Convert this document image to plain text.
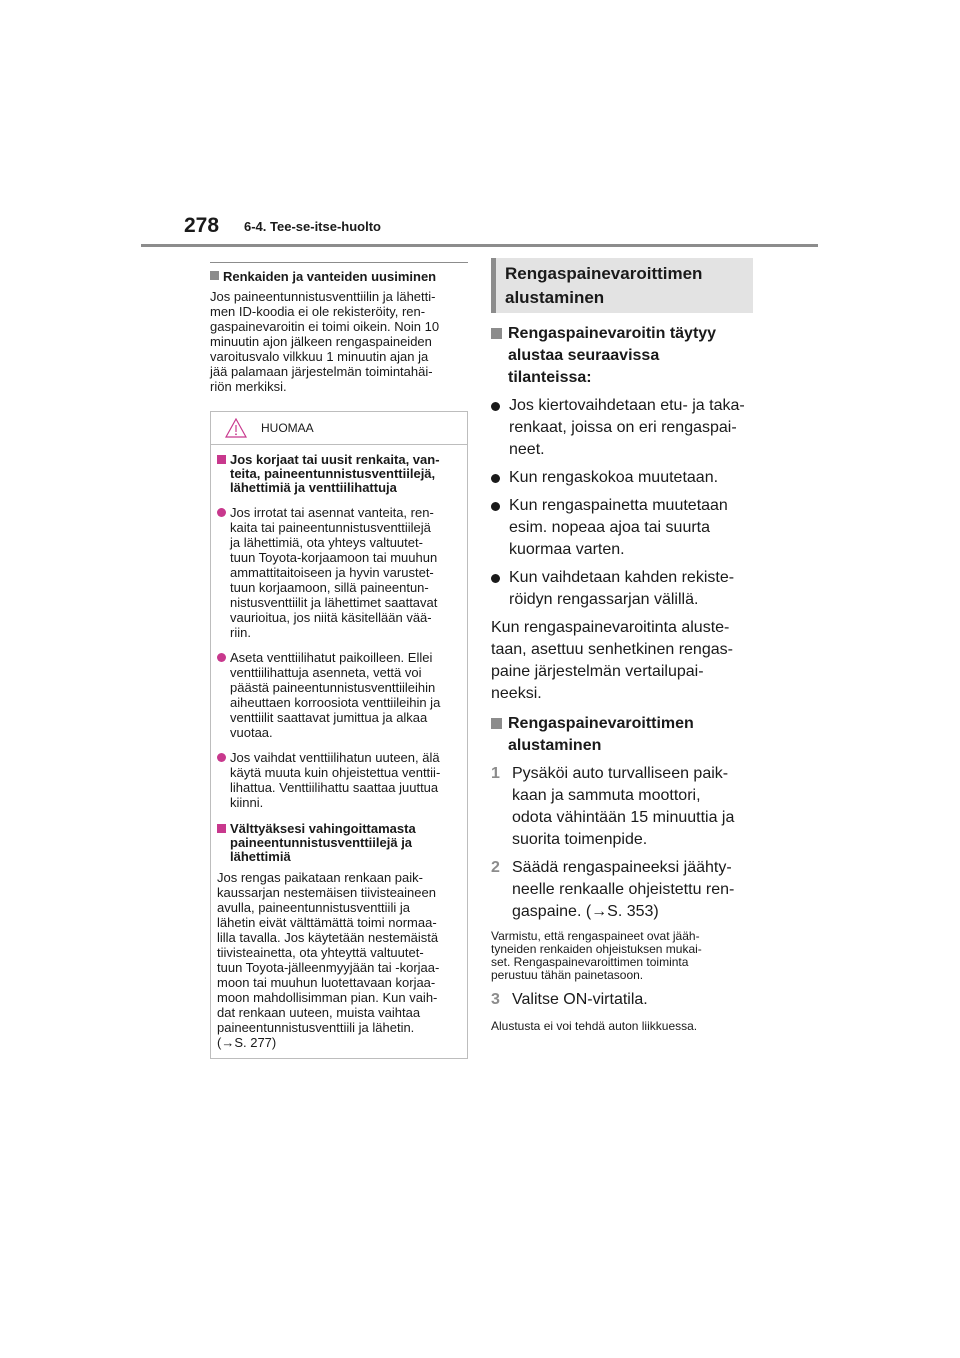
278 6-4. Tee-se-itse-huolto
Renkaiden ja vanteiden uusiminen
Jos paineentunnistusventtiilin ja lähetti-
men ID-koodia ei ole rekisteröity, ren-
gaspainevaroitin ei toimi oikein. Noin 10
minuutin ajon jälkeen rengaspaineiden
varoitusvalo vilkkuu 1 minuutin ajan ja
jää palamaan järjestelmän toimintahäi-
riön merkiksi.
HUOMAA
Jos korjaat tai uusit renkaita, van-
teita, paineentunnistusventtiilejä,
lähettimiä ja venttiilihattuja
Jos irrotat tai asennat vanteita, ren-
kaita tai paineentunnistusventtiilejä
ja lähettimiä, ota yhteys valtuutet-
tuun Toyota-korjaamoon tai muuhun
ammattitaitoiseen ja hyvin varustet-
tuun korjaamoon, sillä paineentun-
nistusventtiilit ja lähettimet saattavat
vaurioitua, jos niitä käsitellään vää-
riin.
Aseta venttiilihatut paikoilleen. Ellei
venttiilihattuja asenneta, vettä voi
päästä paineentunnistusventtiileihin
aiheuttaen korroosiota venttiileihin ja
venttiilit saattavat jumittua ja alkaa
vuotaa.
Jos vaihdat venttiilihatun uuteen, älä
käytä muuta kuin ohjeistettua venttii-
lihattua. Venttiilihattu saattaa juuttua
kiinni.
Välttyäksesi vahingoittamasta
paineentunnistusventtiilejä ja
lähettimiä
Jos rengas paikataan renkaan paik-
kaussarjan nestemäisen tiivisteaineen
avulla, paineentunnistusventtiili ja
lähetin eivät välttämättä toimi normaa-
lilla tavalla. Jos käytetään nestemäistä
tiivisteainetta, ota yhteyttä valtuutet-
tuun Toyota-jälleenmyyjään tai -korjaa-
moon tai muuhun luotettavaan korjaa-
moon mahdollisimman pian. Kun vaih-
dat renkaan uuteen, muista vaihtaa
paineentunnistusventtiili ja lähetin.
(→S. 277)
Rengaspainevaroittimen
alustaminen
Rengaspainevaroitin täytyy
alustaa seuraavissa
tilanteissa:
Jos kiertovaihdetaan etu- ja taka-
renkaat, joissa on eri rengaspai-
neet.
Kun rengaskokoa muutetaan.
Kun rengaspainetta muutetaan
esim. nopeaa ajoa tai suurta
kuormaa varten.
Kun vaihdetaan kahden rekiste-
röidyn rengassarjan välillä.
Kun rengaspainevaroitinta aluste-
taan, asettuu senhetkinen rengas-
paine järjestelmän vertailupai-
neeksi.
Rengaspainevaroittimen
alustaminen
1 Pysäköi auto turvalliseen paik-
kaan ja sammuta moottori,
odota vähintään 15 minuuttia ja
suorita toimenpide.
2 Säädä rengaspaineeksi jäähty-
neelle renkaalle ohjeistettu ren-
gaspaine. (→S. 353)
Varmistu, että rengaspaineet ovat jääh-
tyneiden renkaiden ohjeistuksen mukai-
set. Rengaspainevaroittimen toiminta
perustuu tähän painetasoon.
3 Valitse ON-virtatila.
Alustusta ei voi tehdä auton liikkuessa.
